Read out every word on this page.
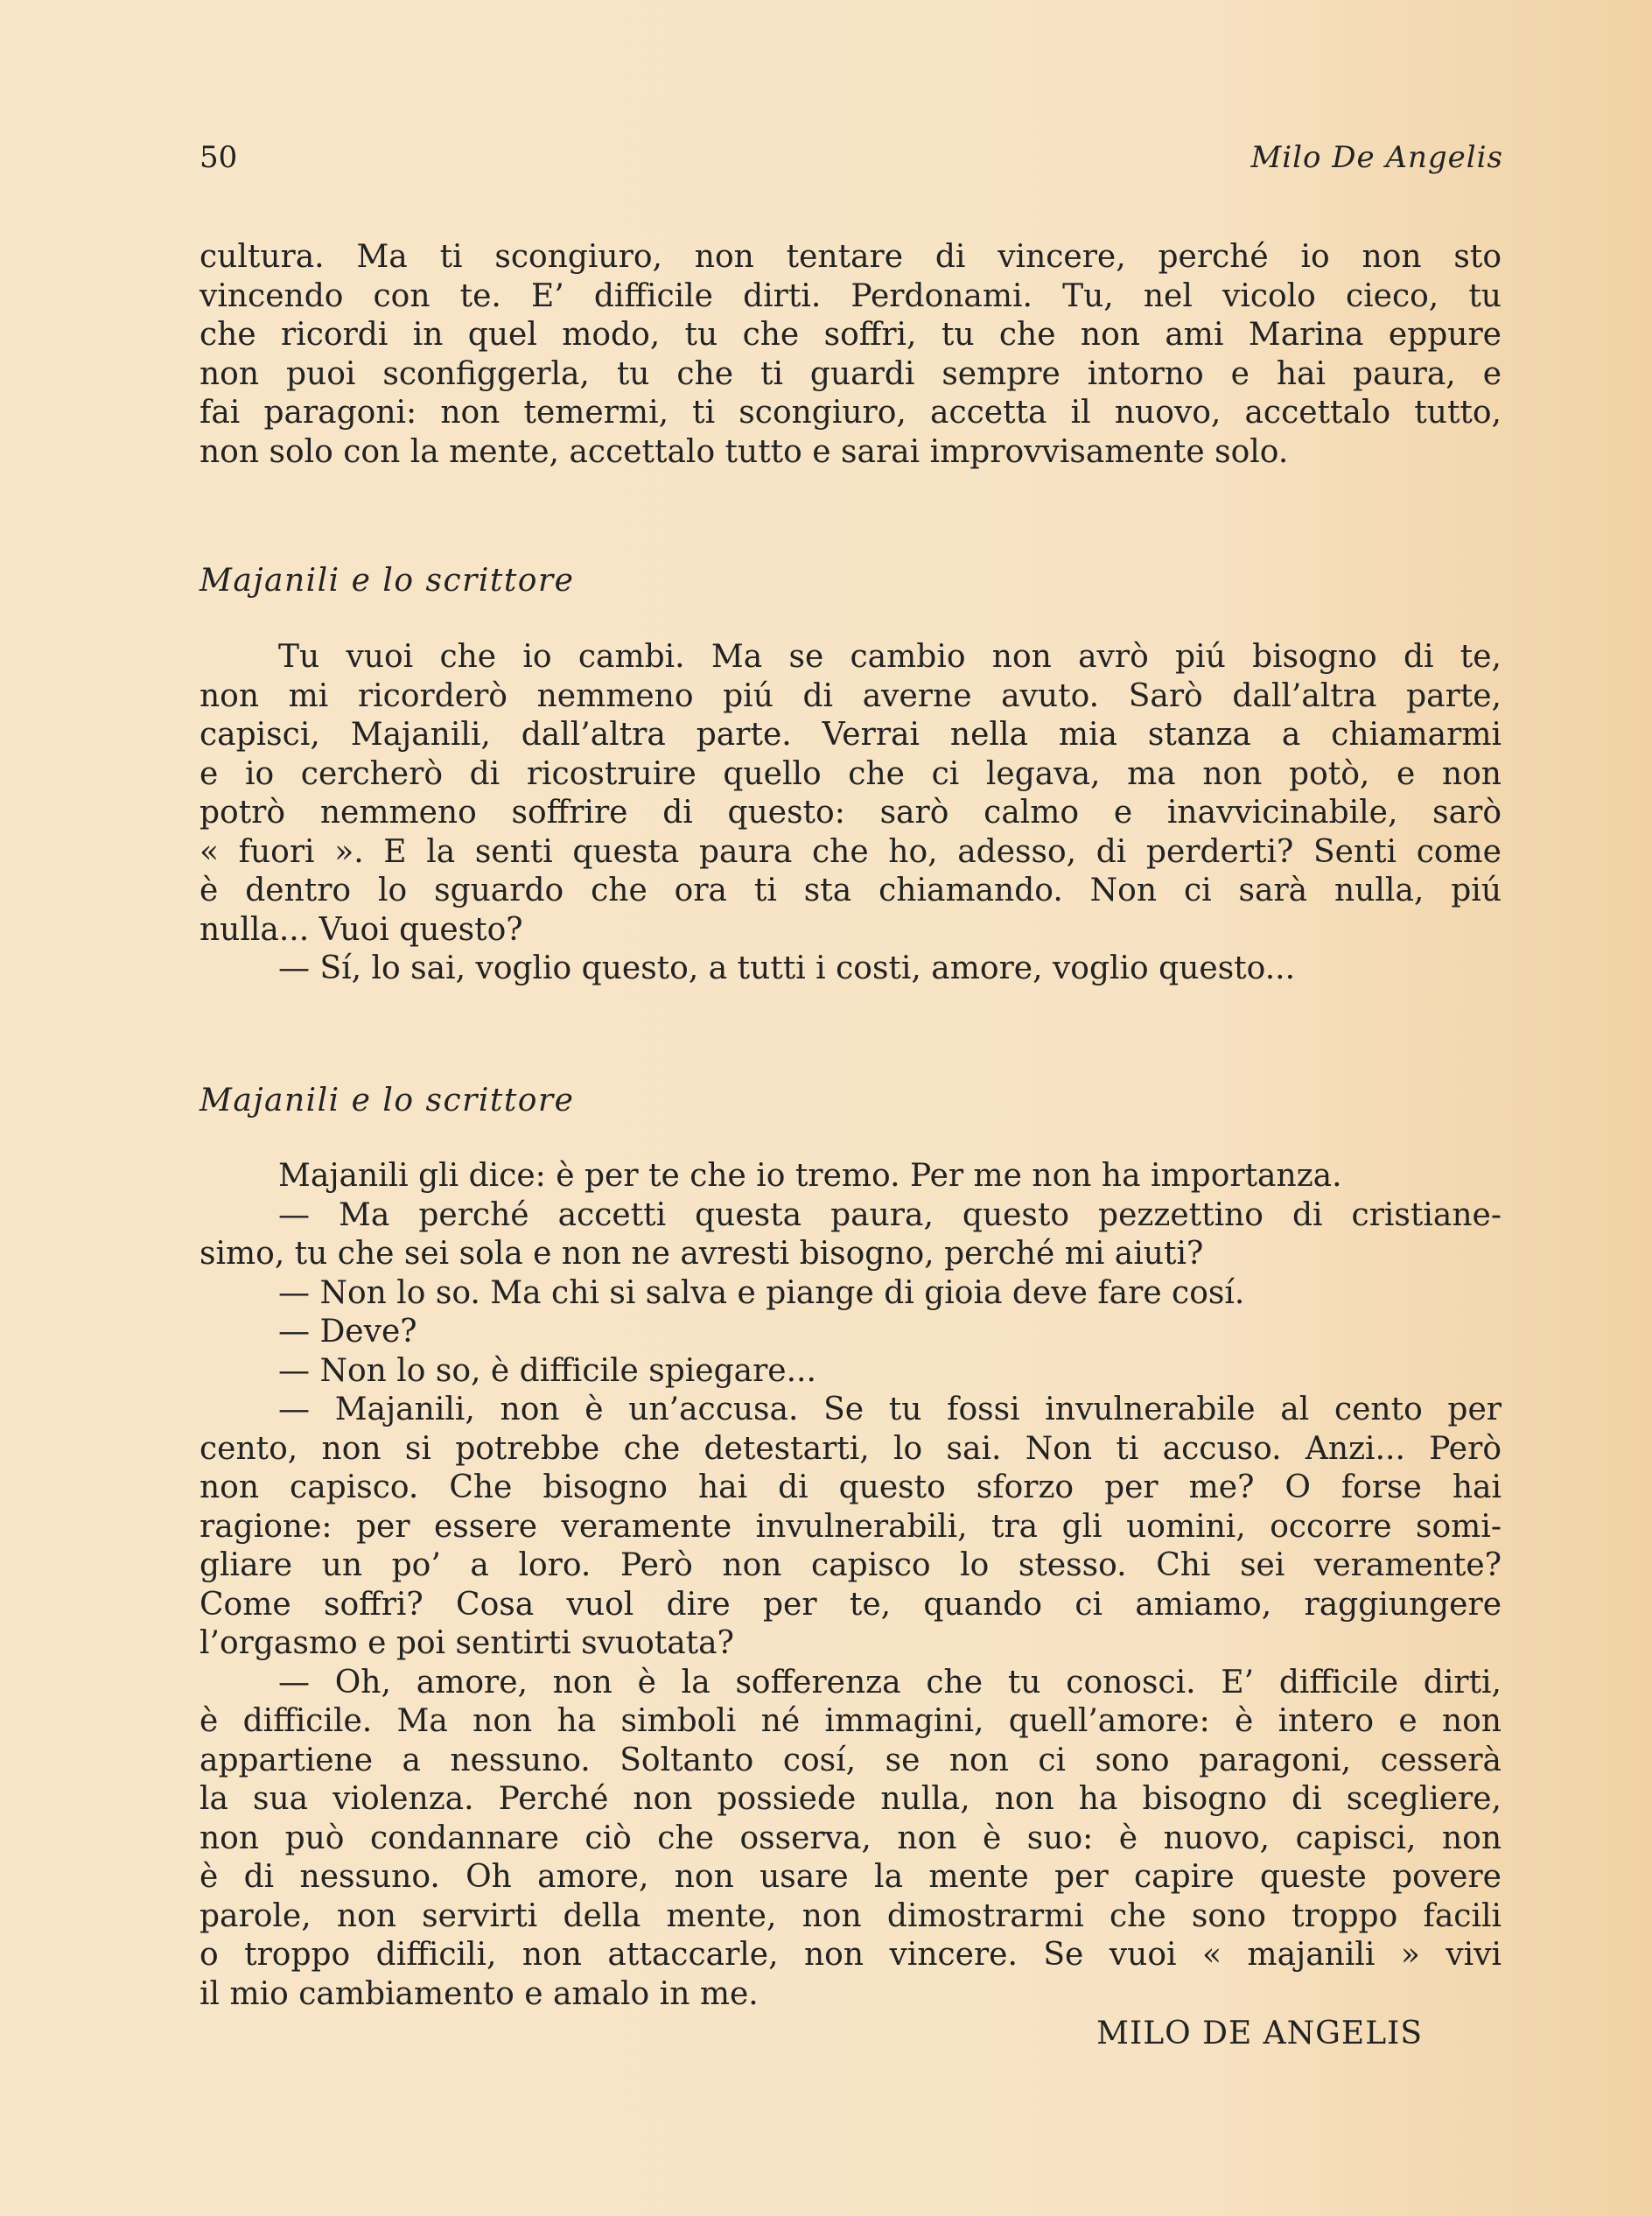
50	Milo De Angelis
cultura. Ma ti scongiuro, non tentare di vincere, perché io non sto
vincendo con te. E’ difficile dirti. Perdonami. Tu, nel vicolo cieco, tu
che ricordi in quel modo, tu che soffri, tu che non ami Marina eppure
non puoi sconfiggerla, tu che ti guardi sempre intorno e hai paura, e
fai paragoni: non temermi, ti scongiuro, accetta il nuovo, accettalo tutto,
non solo con la mente, accettalo tutto e sarai improvvisamente solo.
Majanili e lo scrittore
Tu vuoi che io cambi. Ma se cambio non avrò piú bisogno di te,
non mi ricorderò nemmeno piú di averne avuto. Sarò dall’altra parte,
capisci, Majanili, dall’altra parte. Verrai nella mia stanza a chiamarmi
e io cercherò di ricostruire quello che ci legava, ma non potò, e non
potrò nemmeno soffrire di questo: sarò calmo e inavvicinabile, sarò
« fuori ». E la senti questa paura che ho, adesso, di perderti? Senti come
è dentro lo sguardo che ora ti sta chiamando. Non ci sarà nulla, piú
nulla... Vuoi questo?
— Sí, lo sai, voglio questo, a tutti i costi, amore, voglio questo...
Majanili e lo scrittore
Majanili gli dice: è per te che io tremo. Per me non ha importanza.
— Ma perché accetti questa paura, questo pezzettino di cristiane-
simo, tu che sei sola e non ne avresti bisogno, perché mi aiuti?
— Non lo so. Ma chi si salva e piange di gioia deve fare cosí.
— Deve?
— Non lo so, è difficile spiegare...
— Majanili, non è un’accusa. Se tu fossi invulnerabile al cento per
cento, non si potrebbe che detestarti, lo sai. Non ti accuso. Anzi... Però
non capisco. Che bisogno hai di questo sforzo per me? O forse hai
ragione: per essere veramente invulnerabili, tra gli uomini, occorre somi-
gliare un po’ a loro. Però non capisco lo stesso. Chi sei veramente?
Come soffri? Cosa vuol dire per te, quando ci amiamo, raggiungere
l’orgasmo e poi sentirti svuotata?
— Oh, amore, non è la sofferenza che tu conosci. E’ difficile dirti,
è difficile. Ma non ha simboli né immagini, quell’amore: è intero e non
appartiene a nessuno. Soltanto cosí, se non ci sono paragoni, cesserà
la sua violenza. Perché non possiede nulla, non ha bisogno di scegliere,
non può condannare ciò che osserva, non è suo: è nuovo, capisci, non
è di nessuno. Oh amore, non usare la mente per capire queste povere
parole, non servirti della mente, non dimostrarmi che sono troppo facili
o troppo difficili, non attaccarle, non vincere. Se vuoi « majanili » vivi
il mio cambiamento e amalo in me.
MILO DE ANGELIS
